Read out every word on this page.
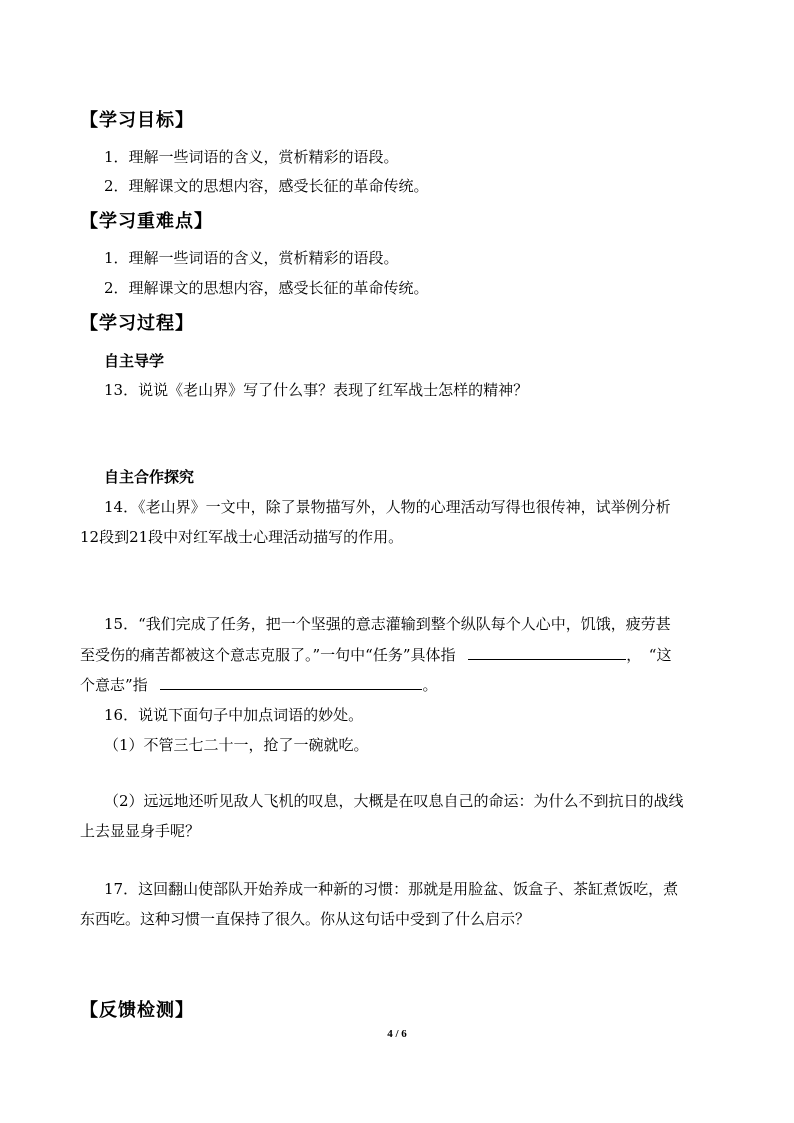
【学习目标】
1．理解一些词语的含义，赏析精彩的语段。
2．理解课文的思想内容，感受长征的革命传统。
【学习重难点】
1．理解一些词语的含义，赏析精彩的语段。
2．理解课文的思想内容，感受长征的革命传统。
【学习过程】
自主导学
13．说说《老山界》写了什么事？表现了红军战士怎样的精神？
自主合作探究
14．《老山界》一文中，除了景物描写外，人物的心理活动写得也很传神，试举例分析
12段到21段中对红军战士心理活动描写的作用。
15．“我们完成了任务，把一个坚强的意志灌输到整个纵队每个人心中，饥饿，疲劳甚
至受伤的痛苦都被这个意志克服了。”一句中“任务”具体指	，　“这
个意志”指	。
16．说说下面句子中加点词语的妙处。
（1）不管三七二十一，抢了一碗就吃。
（2）远远地还听见敌人飞机的叹息，大概是在叹息自己的命运：为什么不到抗日的战线
上去显显身手呢？
17．这回翻山使部队开始养成一种新的习惯：那就是用脸盆、饭盒子、茶缸煮饭吃，煮
东西吃。这种习惯一直保持了很久。你从这句话中受到了什么启示？
【反馈检测】
4 / 6
